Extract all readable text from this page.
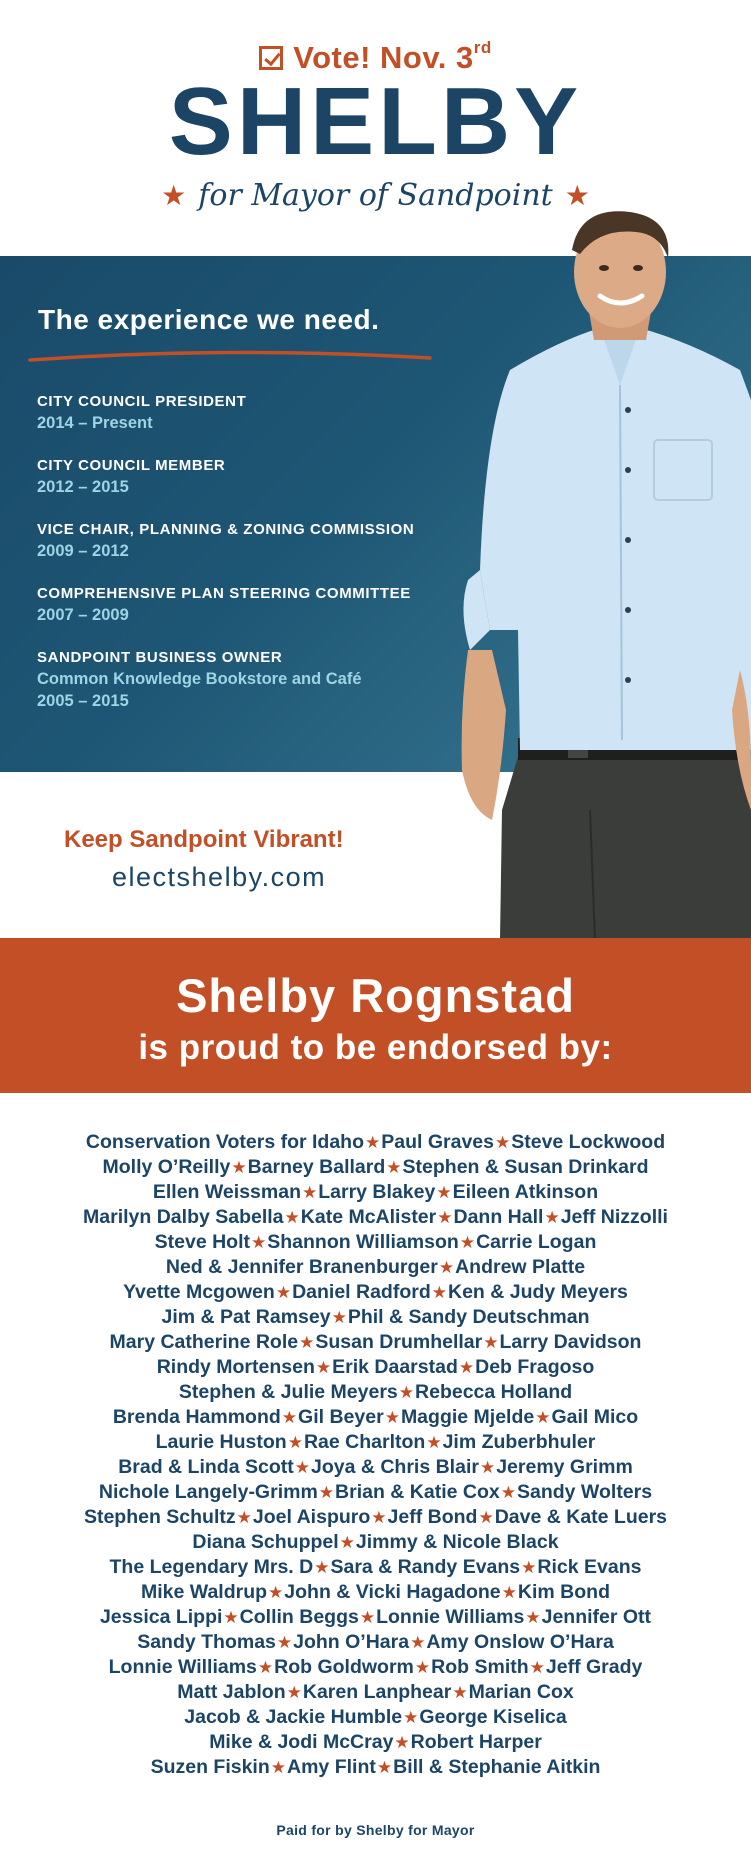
Vote! Nov. 3rd
SHELBY
★ for Mayor of Sandpoint ★
The experience we need.
CITY COUNCIL PRESIDENT
2014 – Present
CITY COUNCIL MEMBER
2012 – 2015
VICE CHAIR, PLANNING & ZONING COMMISSION
2009 – 2012
COMPREHENSIVE PLAN STEERING COMMITTEE
2007 – 2009
SANDPOINT BUSINESS OWNER
Common Knowledge Bookstore and Café
2005 – 2015
Keep Sandpoint Vibrant!
electshelby.com
Shelby Rognstad
is proud to be endorsed by:
Conservation Voters for Idaho★Paul Graves★Steve Lockwood
Molly O’Reilly★Barney Ballard★Stephen & Susan Drinkard
Ellen Weissman★Larry Blakey★Eileen Atkinson
Marilyn Dalby Sabella★Kate McAlister★Dann Hall★Jeff Nizzolli
Steve Holt★Shannon Williamson★Carrie Logan
Ned & Jennifer Branenburger★Andrew Platte
Yvette Mcgowen★Daniel Radford★Ken & Judy Meyers
Jim & Pat Ramsey★Phil & Sandy Deutschman
Mary Catherine Role★Susan Drumhellar★Larry Davidson
Rindy Mortensen★Erik Daarstad★Deb Fragoso
Stephen & Julie Meyers★Rebecca Holland
Brenda Hammond★Gil Beyer★Maggie Mjelde★Gail Mico
Laurie Huston★Rae Charlton★Jim Zuberbhuler
Brad & Linda Scott★Joya & Chris Blair★Jeremy Grimm
Nichole Langely-Grimm★Brian & Katie Cox★Sandy Wolters
Stephen Schultz★Joel Aispuro★Jeff Bond★Dave & Kate Luers
Diana Schuppel★Jimmy & Nicole Black
The Legendary Mrs. D★Sara & Randy Evans★Rick Evans
Mike Waldrup★John & Vicki Hagadone★Kim Bond
Jessica Lippi★Collin Beggs★Lonnie Williams★Jennifer Ott
Sandy Thomas★John O’Hara★Amy Onslow O’Hara
Lonnie Williams★Rob Goldworm★Rob Smith★Jeff Grady
Matt Jablon★Karen Lanphear★Marian Cox
Jacob & Jackie Humble★George Kiselica
Mike & Jodi McCray★Robert Harper
Suzen Fiskin★Amy Flint★Bill & Stephanie Aitkin
Paid for by Shelby for Mayor
